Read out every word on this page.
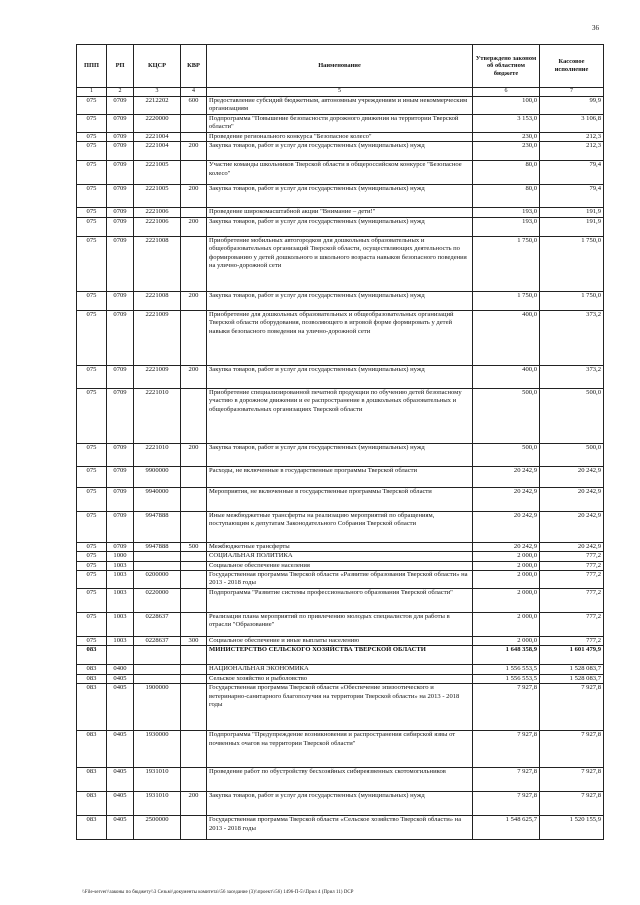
36
ППП	РП	КЦСР	КВР	Наименование	Утверждено законом об областном бюджете	Кассовое исполнение
1	2	3	4	5	6	7
075	0709	2212202	600	Предоставление субсидий бюджетным, автономным учреждениям и иным некоммерческим организациям	100,0	99,9
075	0709	2220000		Подпрограмма "Повышение безопасности дорожного движения на территории Тверской области"	3 153,0	3 106,8
075	0709	2221004		Проведение регионального конкурса "Безопасное колесо"	230,0	212,3
075	0709	2221004	200	Закупка товаров, работ и услуг для государственных (муниципальных) нужд	230,0	212,3
075	0709	2221005		Участие команды школьников Тверской области в общероссийском конкурсе "Безопасное колесо"	80,0	79,4
075	0709	2221005	200	Закупка товаров, работ и услуг для государственных (муниципальных) нужд	80,0	79,4
075	0709	2221006		Проведение широкомасштабной акции "Внимание – дети!"	193,0	191,9
075	0709	2221006	200	Закупка товаров, работ и услуг для государственных (муниципальных) нужд	193,0	191,9
075	0709	2221008		Приобретение мобильных автогородков для дошкольных образовательных и общеобразовательных организаций Тверской области, осуществляющих деятельность по формированию у детей дошкольного и школьного возраста навыков безопасного поведения на улично-дорожной сети	1 750,0	1 750,0
075	0709	2221008	200	Закупка товаров, работ и услуг для государственных (муниципальных) нужд	1 750,0	1 750,0
075	0709	2221009		Приобретение для дошкольных образовательных и общеобразовательных организаций Тверской области оборудования, позволяющего в игровой форме формировать у детей навыки безопасного поведения на улично-дорожной сети	400,0	373,2
075	0709	2221009	200	Закупка товаров, работ и услуг для государственных (муниципальных) нужд	400,0	373,2
075	0709	2221010		Приобретение специализированной печатной продукции по обучению детей безопасному участию в дорожном движении и ее распространение в дошкольных образовательных и общеобразовательных организациях Тверской области	500,0	500,0
075	0709	2221010	200	Закупка товаров, работ и услуг для государственных (муниципальных) нужд	500,0	500,0
075	0709	9900000		Расходы, не включенные в государственные программы Тверской области	20 242,9	20 242,9
075	0709	9940000		Мероприятия, не включенные в государственные программы Тверской области	20 242,9	20 242,9
075	0709	9947888		Иные межбюджетные трансферты на реализацию мероприятий по обращениям, поступающим к депутатам Законодательного Собрания Тверской области	20 242,9	20 242,9
075	0709	9947888	500	Межбюджетные трансферты	20 242,9	20 242,9
075	1000			СОЦИАЛЬНАЯ ПОЛИТИКА	2 000,0	777,2
075	1003			Социальное обеспечение населения	2 000,0	777,2
075	1003	0200000		Государственная программа Тверской области «Развитие образования Тверской области» на 2013 - 2018 годы	2 000,0	777,2
075	1003	0220000		Подпрограмма "Развитие системы профессионального образования Тверской области"	2 000,0	777,2
075	1003	0228637		Реализация плана мероприятий по привлечению молодых специалистов для работы в отрасли "Образование"	2 000,0	777,2
075	1003	0228637	300	Социальное обеспечение и иные выплаты населению	2 000,0	777,2
083				МИНИСТЕРСТВО СЕЛЬСКОГО ХОЗЯЙСТВА ТВЕРСКОЙ ОБЛАСТИ	1 648 358,9	1 601 479,9
083	0400			НАЦИОНАЛЬНАЯ ЭКОНОМИКА	1 556 553,5	1 528 083,7
083	0405			Сельское хозяйство и рыболовство	1 556 553,5	1 528 083,7
083	0405	1900000		Государственная программа Тверской области «Обеспечение эпизоотического и ветеринарно-санитарного благополучия на территории Тверской области» на 2013 - 2018 годы	7 927,8	7 927,8
083	0405	1930000		Подпрограмма "Предупреждение возникновения и распространения сибирской язвы от почвенных очагов на территории Тверской области"	7 927,8	7 927,8
083	0405	1931010		Проведение работ по обустройству бесхозяйных сибиреязвенных скотомогильников	7 927,8	7 927,8
083	0405	1931010	200	Закупка товаров, работ и услуг для государственных (муниципальных) нужд	7 927,8	7 927,8
083	0405	2500000		Государственная программа Тверской области «Сельское хозяйство Тверской области» на 2013 - 2018 годы	1 548 625,7	1 520 155,9
\\File-server\\законы по бюджету\\3 Сезьм\\документы комитета\\56 заседание (3)\\проект\\56) 1496-П-5\\Прил 4 (Прил 11) DCP
